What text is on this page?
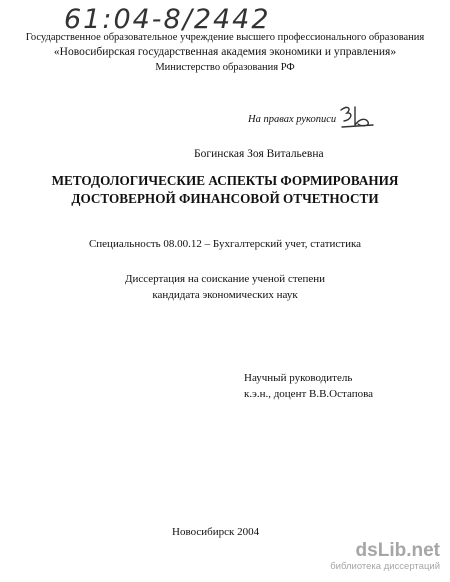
61:04-8/2442
Государственное образовательное учреждение высшего профессионального образования
«Новосибирская государственная академия экономики и управления»
Министерство образования РФ
На правах рукописи
Богинская Зоя Витальевна
МЕТОДОЛОГИЧЕСКИЕ АСПЕКТЫ ФОРМИРОВАНИЯ
ДОСТОВЕРНОЙ ФИНАНСОВОЙ ОТЧЕТНОСТИ
Специальность 08.00.12 – Бухгалтерский учет, статистика
Диссертация на соискание ученой степени
кандидата экономических наук
Научный руководитель
к.э.н., доцент В.В.Остапова
Новосибирск 2004
dsLib.net
библиотека диссертаций
